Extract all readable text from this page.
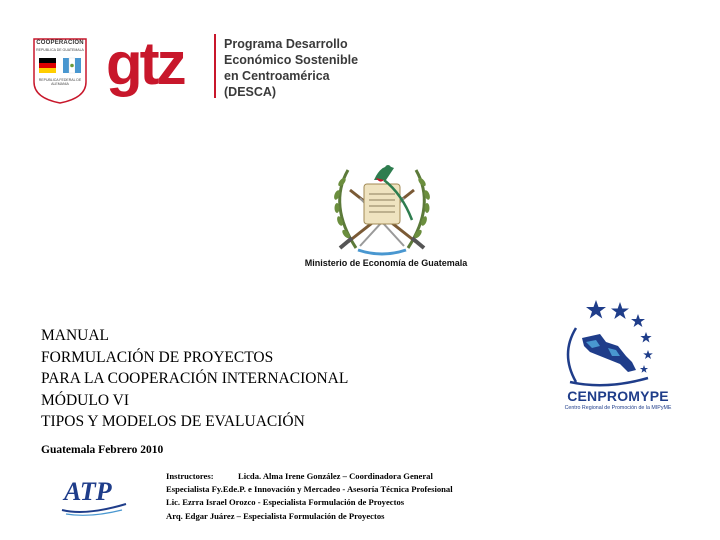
COOPERACION
REPUBLICA DE GUATEMALA
REPUBLICA FEDERAL DE ALEMANIA gtz	Programa Desarrollo
Económico Sostenible
en Centroamérica
(DESCA)
Ministerio de Economía de Guatemala
MANUAL
FORMULACIÓN DE PROYECTOS
PARA LA COOPERACIÓN INTERNACIONAL
MÓDULO VI
TIPOS Y MODELOS DE EVALUACIÓN
Guatemala Febrero 2010
ATP
Instructores:	Licda. Alma Irene González – Coordinadora General
Especialista Fy.Ede.P. e Innovación y Mercadeo - Asesoría Técnica Profesional
Lic. Ezrra Israel Orozco - Especialista Formulación de Proyectos
Arq. Edgar Juárez – Especialista Formulación de Proyectos
CENPROMYPE
Centro Regional de Promoción de la MIPyME
